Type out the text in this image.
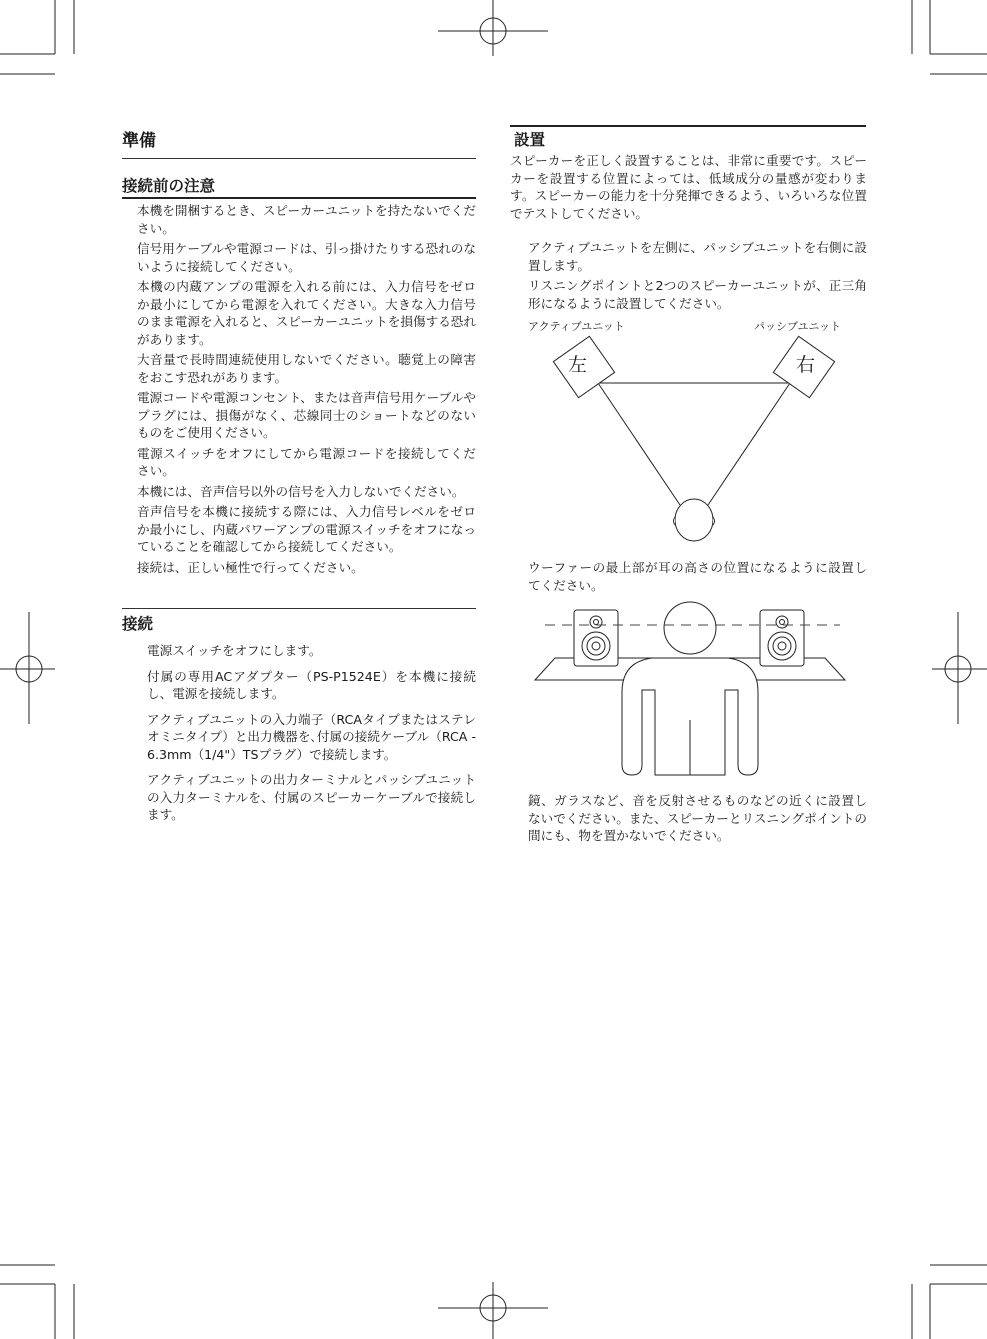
準備
接続前の注意

本機を開梱するとき、スピーカーユニットを持たないでください。

信号用ケーブルや電源コードは、引っ掛けたりする恐れのないように接続してください。

本機の内蔵アンプの電源を入れる前には、入力信号をゼロか最小にしてから電源を入れてください。大きな入力信号のまま電源を入れると、スピーカーユニットを損傷する恐れがあります。

大音量で長時間連続使用しないでください。聴覚上の障害をおこす恐れがあります。

電源コードや電源コンセント、または音声信号用ケーブルやプラグには、損傷がなく、芯線同士のショートなどのないものをご使用ください。

電源スイッチをオフにしてから電源コードを接続してください。

本機には、音声信号以外の信号を入力しないでください。

音声信号を本機に接続する際には、入力信号レベルをゼロか最小にし、内蔵パワーアンプの電源スイッチをオフになっていることを確認してから接続してください。

接続は、正しい極性で行ってください。

接続

電源スイッチをオフにします。

付属の専用ACアダプター（PS-P1524E）を本機に接続し、電源を接続します。

アクティブユニットの入力端子（RCAタイプまたはステレオミニタイプ）と出力機器を､付属の接続ケーブル（RCA - 6.3mm（1/4"）TSプラグ）で接続します。

アクティブユニットの出力ターミナルとパッシブユニットの入力ターミナルを、付属のスピーカーケーブルで接続します。

設置

スピーカーを正しく設置することは、非常に重要です。スピーカーを設置する位置によっては、低域成分の量感が変わります。スピーカーの能力を十分発揮できるよう、いろいろな位置でテストしてください。

アクティブユニットを左側に、パッシブユニットを右側に設置します。

リスニングポイントと2つのスピーカーユニットが、正三角形になるように設置してください。

アクティブユニット	パッシブユニット
左	右

ウーファーの最上部が耳の高さの位置になるように設置してください。

鏡、ガラスなど、音を反射させるものなどの近くに設置しないでください。また、スピーカーとリスニングポイントの間にも、物を置かないでください。
